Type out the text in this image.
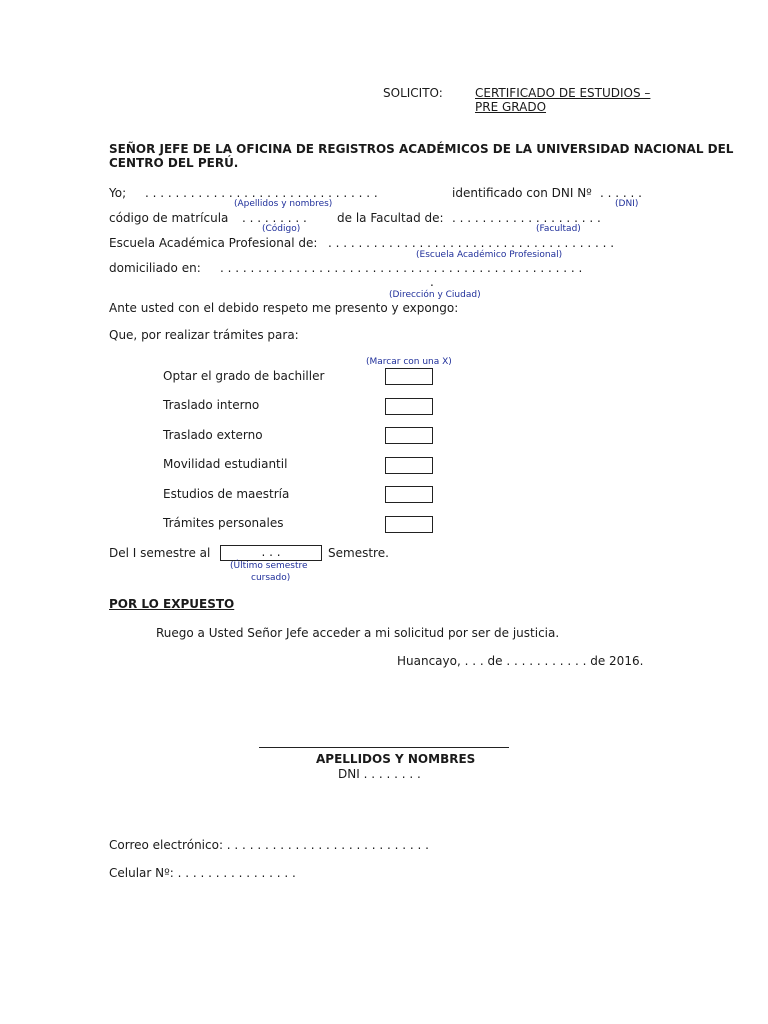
SOLICITO:	CERTIFICADO DE ESTUDIOS –
PRE GRADO
SEÑOR JEFE DE LA OFICINA DE REGISTROS ACADÉMICOS DE LA UNIVERSIDAD NACIONAL DEL
CENTRO DEL PERÚ.
Yo; . . . . . . . . . . . . . . . . . . . . . . . . . . . . . . .	identificado con DNI Nº . . . . . .
(Apellidos y nombres)	(DNI)
código de matrícula . . . . . . . . .	de la Facultad de: . . . . . . . . . . . . . . . . . . . .
(Código)	(Facultad)
Escuela Académica Profesional de: . . . . . . . . . . . . . . . . . . . . . . . . . . . . . . . . . . . . . .
(Escuela Académico Profesional)
domiciliado en: . . . . . . . . . . . . . . . . . . . . . . . . . . . . . . . . . . . . . . . . . . . . . . . .
.
(Dirección y Ciudad)
Ante usted con el debido respeto me presento y expongo:
Que, por realizar trámites para:
(Marcar con una X)
Optar el grado de bachiller
Traslado interno
Traslado externo
Movilidad estudiantil
Estudios de maestría
Trámites personales
Del I semestre al	. . .	Semestre.
(Último semestre
cursado)
POR LO EXPUESTO
Ruego a Usted Señor Jefe acceder a mi solicitud por ser de justicia.
Huancayo, . . . de . . . . . . . . . . . de 2016.
APELLIDOS Y NOMBRES
DNI . . . . . . . .
Correo electrónico: . . . . . . . . . . . . . . . . . . . . . . . . . . .
Celular Nº: . . . . . . . . . . . . . . . .
